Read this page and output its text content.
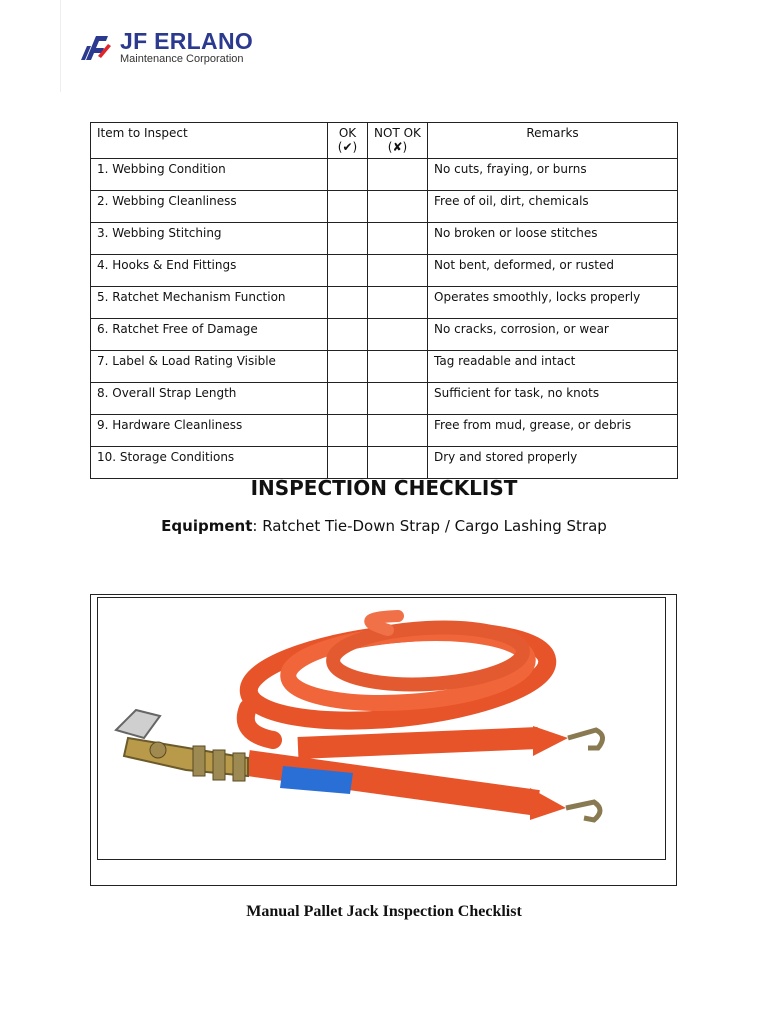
JF ERLANO
Maintenance Corporation
Item to Inspect	OK (✔)	NOT OK (✘)	Remarks
1. Webbing Condition			No cuts, fraying, or burns
2. Webbing Cleanliness			Free of oil, dirt, chemicals
3. Webbing Stitching			No broken or loose stitches
4. Hooks & End Fittings			Not bent, deformed, or rusted
5. Ratchet Mechanism Function			Operates smoothly, locks properly
6. Ratchet Free of Damage			No cracks, corrosion, or wear
7. Label & Load Rating Visible			Tag readable and intact
8. Overall Strap Length			Sufficient for task, no knots
9. Hardware Cleanliness			Free from mud, grease, or debris
10. Storage Conditions			Dry and stored properly
INSPECTION CHECKLIST
Equipment: Ratchet Tie-Down Strap / Cargo Lashing Strap
Manual Pallet Jack Inspection Checklist
